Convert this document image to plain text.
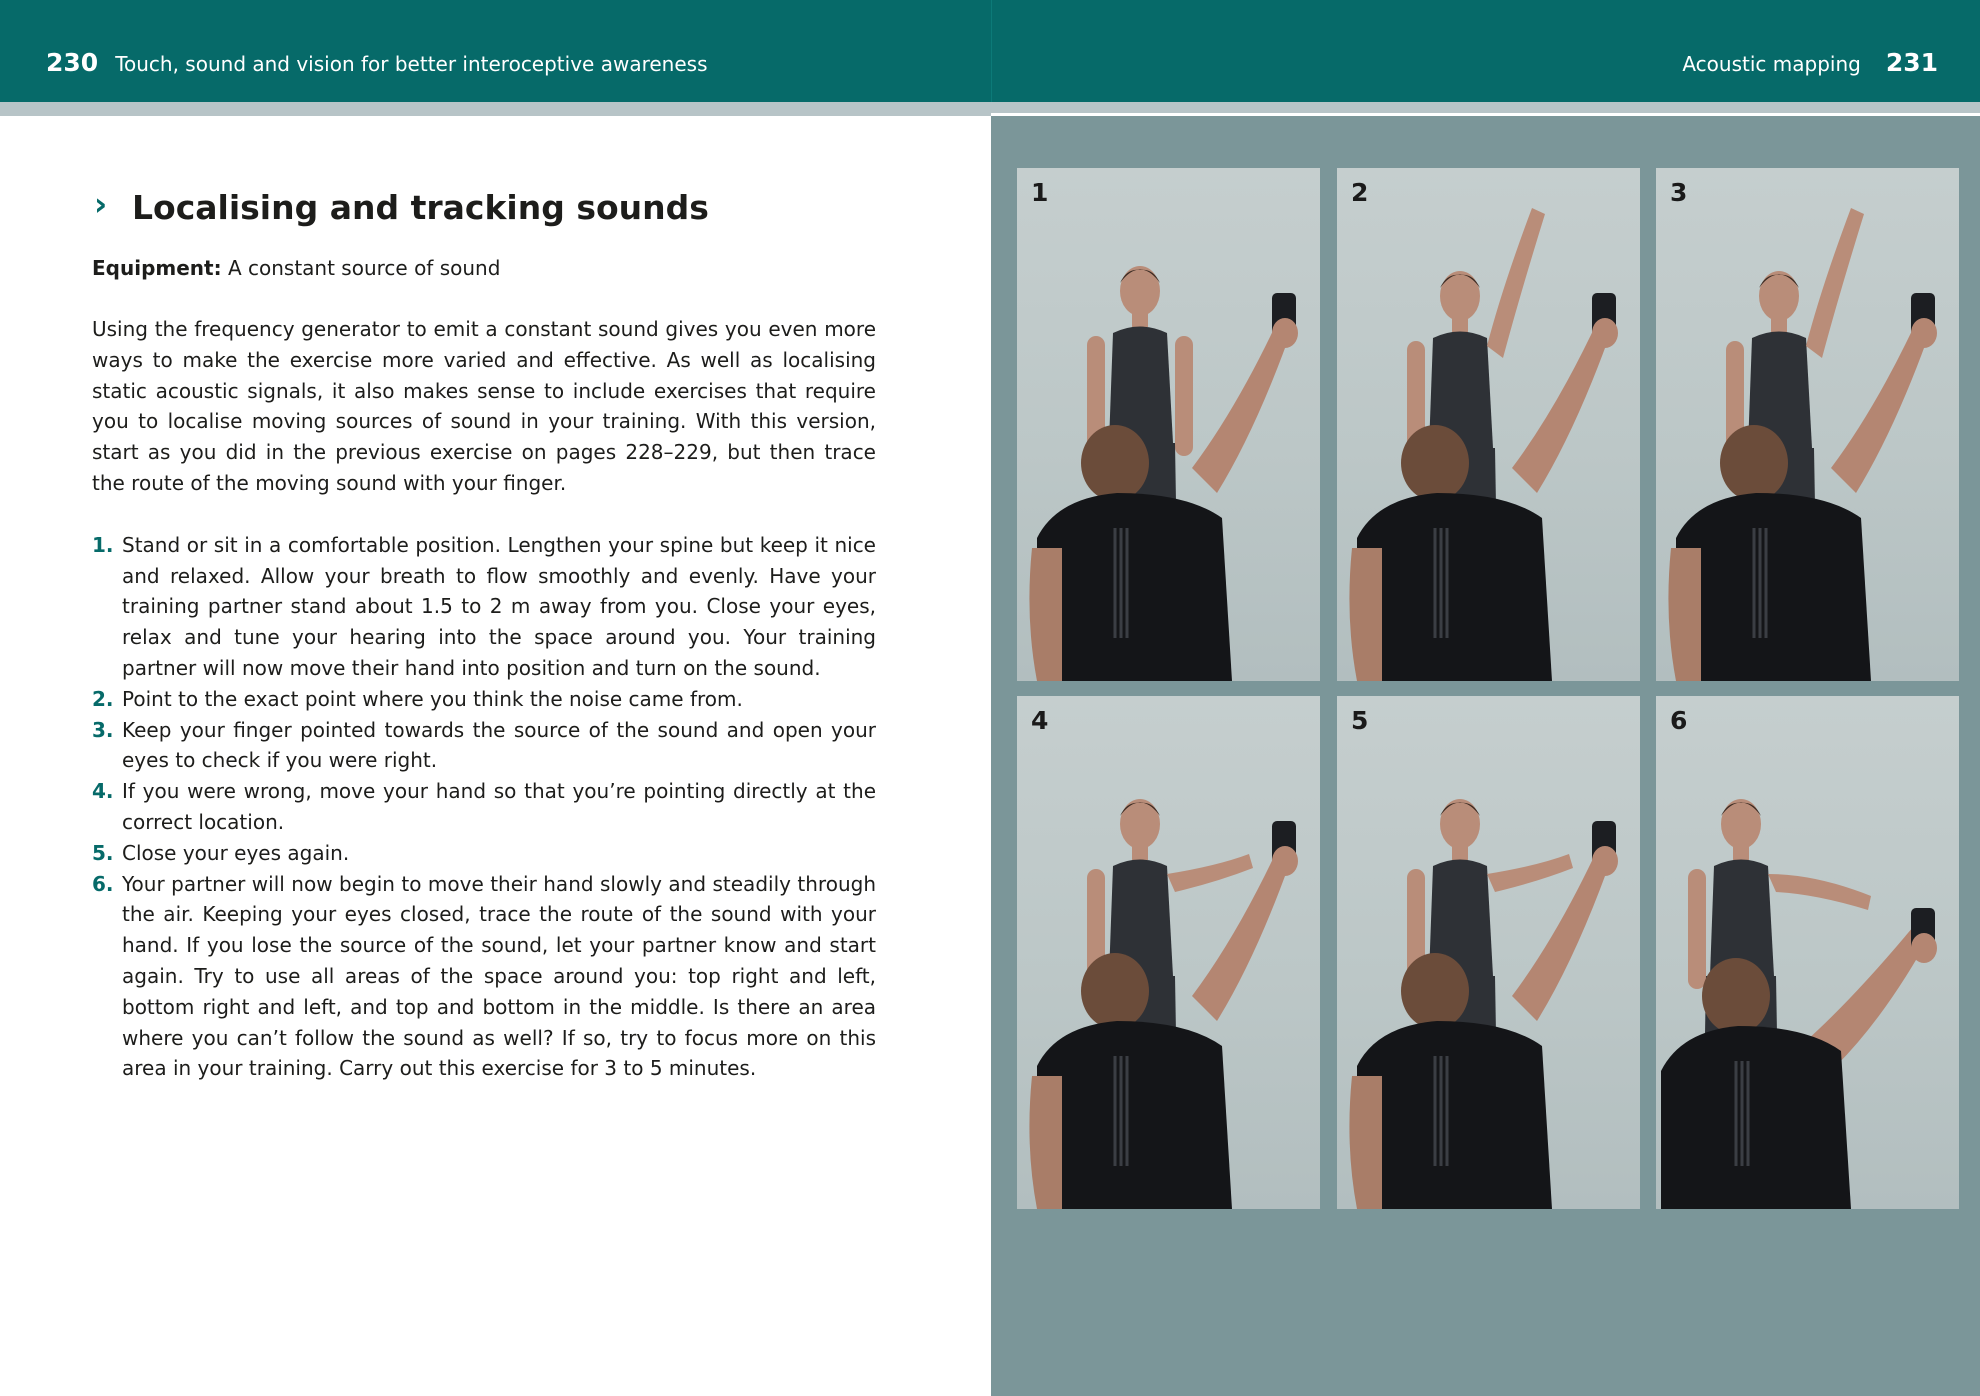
230 Touch, sound and vision for better interoceptive awareness	Acoustic mapping 231
› Localising and tracking sounds
Equipment: A constant source of sound

Using the frequency generator to emit a constant sound gives you even more ways to make the exercise more varied and effective. As well as localising static acoustic signals, it also makes sense to include exercises that require you to localise moving sources of sound in your training. With this version, start as you did in the previous exercise on pages 228–229, but then trace the route of the moving sound with your finger.

1. Stand or sit in a comfortable position. Lengthen your spine but keep it nice and relaxed. Allow your breath to flow smoothly and evenly. Have your training partner stand about 1.5 to 2 m away from you. Close your eyes, relax and tune your hearing into the space around you. Your training partner will now move their hand into position and turn on the sound.
2. Point to the exact point where you think the noise came from.
3. Keep your finger pointed towards the source of the sound and open your eyes to check if you were right.
4. If you were wrong, move your hand so that you’re pointing directly at the correct location.
5. Close your eyes again.
6. Your partner will now begin to move their hand slowly and steadily through the air. Keeping your eyes closed, trace the route of the sound with your hand. If you lose the source of the sound, let your partner know and start again. Try to use all areas of the space around you: top right and left, bottom right and left, and top and bottom in the middle. Is there an area where you can’t follow the sound as well? If so, try to focus more on this area in your training. Carry out this exercise for 3 to 5 minutes.
1	2	3
4	5	6
